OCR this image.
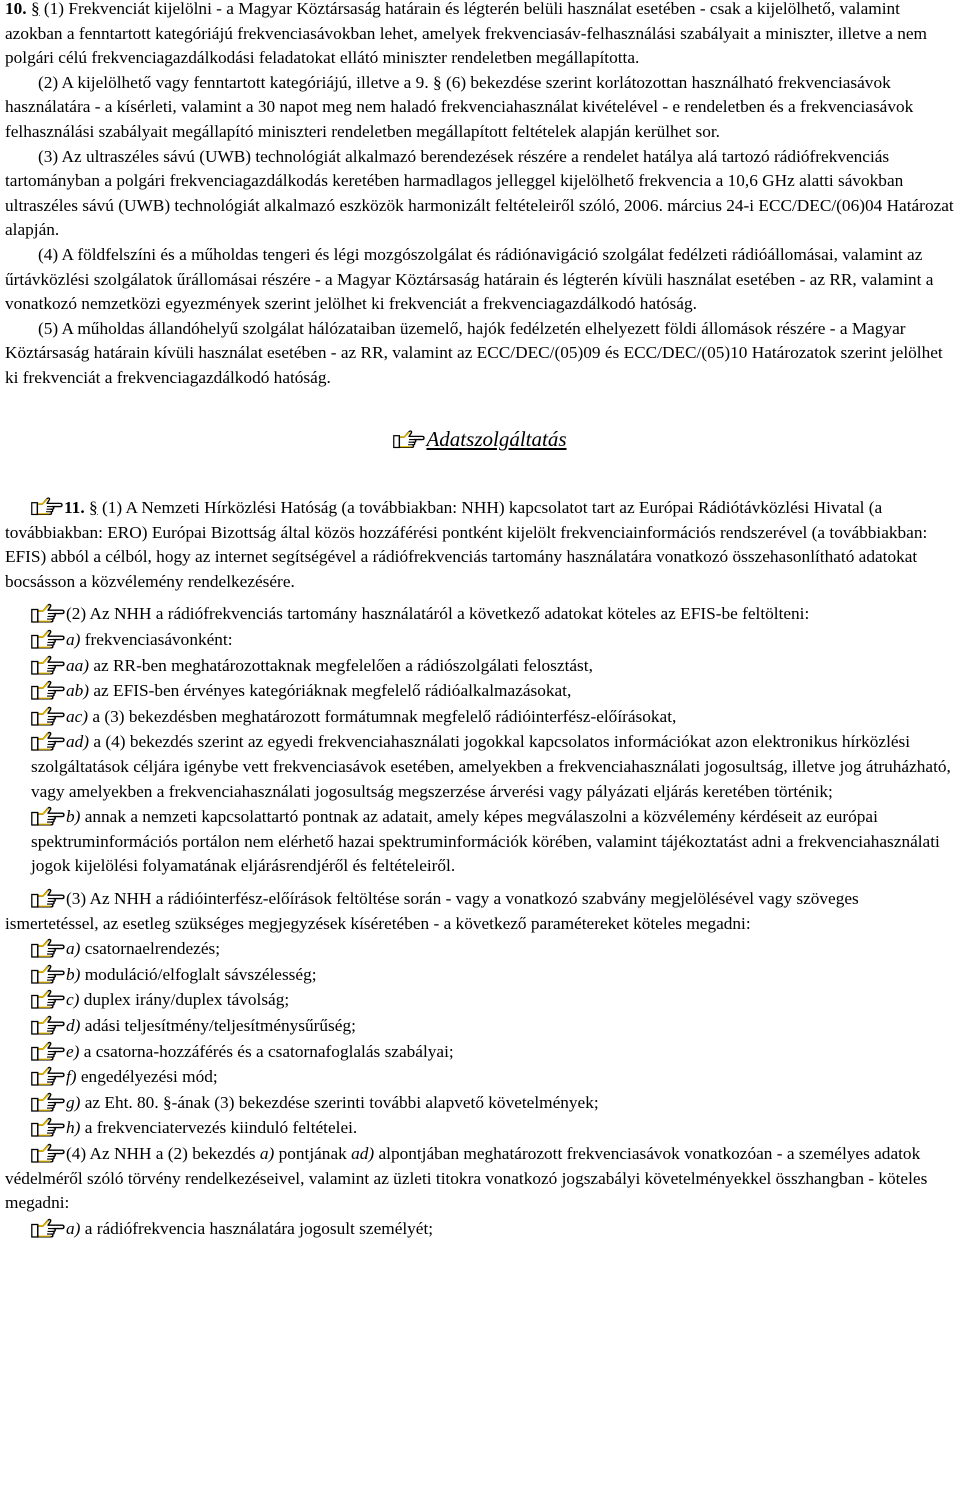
10. § (1) Frekvenciát kijelölni - a Magyar Köztársaság határain és légterén belüli használat esetében - csak a kijelölhető, valamint azokban a fenntartott kategóriájú frekvenciasávokban lehet, amelyek frekvenciasáv-felhasználási szabályait a miniszter, illetve a nem polgári célú frekvenciagazdálkodási feladatokat ellátó miniszter rendeletben megállapította.

(2) A kijelölhető vagy fenntartott kategóriájú, illetve a 9. § (6) bekezdése szerint korlátozottan használható frekvenciasávok használatára - a kísérleti, valamint a 30 napot meg nem haladó frekvenciahasználat kivételével - e rendeletben és a frekvenciasávok felhasználási szabályait megállapító miniszteri rendeletben megállapított feltételek alapján kerülhet sor.

(3) Az ultraszéles sávú (UWB) technológiát alkalmazó berendezések részére a rendelet hatálya alá tartozó rádiófrekvenciás tartományban a polgári frekvenciagazdálkodás keretében harmadlagos jelleggel kijelölhető frekvencia a 10,6 GHz alatti sávokban ultraszéles sávú (UWB) technológiát alkalmazó eszközök harmonizált feltételeiről szóló, 2006. március 24-i ECC/DEC/(06)04 Határozat alapján.

(4) A földfelszíni és a műholdas tengeri és légi mozgószolgálat és rádiónavigáció szolgálat fedélzeti rádióállomásai, valamint az űrtávközlési szolgálatok űrállomásai részére - a Magyar Köztársaság határain és légterén kívüli használat esetében - az RR, valamint a vonatkozó nemzetközi egyezmények szerint jelölhet ki frekvenciát a frekvenciagazdálkodó hatóság.

(5) A műholdas állandóhelyű szolgálat hálózataiban üzemelő, hajók fedélzetén elhelyezett földi állomások részére - a Magyar Köztársaság határain kívüli használat esetében - az RR, valamint az ECC/DEC/(05)09 és ECC/DEC/(05)10 Határozatok szerint jelölhet ki frekvenciát a frekvenciagazdálkodó hatóság.

Adatszolgáltatás

11. § (1) A Nemzeti Hírközlési Hatóság (a továbbiakban: NHH) kapcsolatot tart az Európai Rádiótávközlési Hivatal (a továbbiakban: ERO) Európai Bizottság által közös hozzáférési pontként kijelölt frekvenciainformációs rendszerével (a továbbiakban: EFIS) abból a célból, hogy az internet segítségével a rádiófrekvenciás tartomány használatára vonatkozó összehasonlítható adatokat bocsásson a közvélemény rendelkezésére.

(2) Az NHH a rádiófrekvenciás tartomány használatáról a következő adatokat köteles az EFIS-be feltölteni:

a) frekvenciasávonként:

aa) az RR-ben meghatározottaknak megfelelően a rádiószolgálati felosztást,

ab) az EFIS-ben érvényes kategóriáknak megfelelő rádióalkalmazásokat,

ac) a (3) bekezdésben meghatározott formátumnak megfelelő rádióinterfész-előírásokat,

ad) a (4) bekezdés szerint az egyedi frekvenciahasználati jogokkal kapcsolatos információkat azon elektronikus hírközlési szolgáltatások céljára igénybe vett frekvenciasávok esetében, amelyekben a frekvenciahasználati jogosultság, illetve jog átruházható, vagy amelyekben a frekvenciahasználati jogosultság megszerzése árverési vagy pályázati eljárás keretében történik;

b) annak a nemzeti kapcsolattartó pontnak az adatait, amely képes megválaszolni a közvélemény kérdéseit az európai spektruminformációs portálon nem elérhető hazai spektruminformációk körében, valamint tájékoztatást adni a frekvenciahasználati jogok kijelölési folyamatának eljárásrendjéről és feltételeiről.

(3) Az NHH a rádióinterfész-előírások feltöltése során - vagy a vonatkozó szabvány megjelölésével vagy szöveges ismertetéssel, az esetleg szükséges megjegyzések kíséretében - a következő paramétereket köteles megadni:

a) csatornaelrendezés;

b) moduláció/elfoglalt sávszélesség;

c) duplex irány/duplex távolság;

d) adási teljesítmény/teljesítménysűrűség;

e) a csatorna-hozzáférés és a csatornafoglalás szabályai;

f) engedélyezési mód;

g) az Eht. 80. §-ának (3) bekezdése szerinti további alapvető követelmények;

h) a frekvenciatervezés kiinduló feltételei.

(4) Az NHH a (2) bekezdés a) pontjának ad) alpontjában meghatározott frekvenciasávok vonatkozóan - a személyes adatok védelméről szóló törvény rendelkezéseivel, valamint az üzleti titokra vonatkozó jogszabályi követelményekkel összhangban - köteles megadni:

a) a rádiófrekvencia használatára jogosult személyét;
